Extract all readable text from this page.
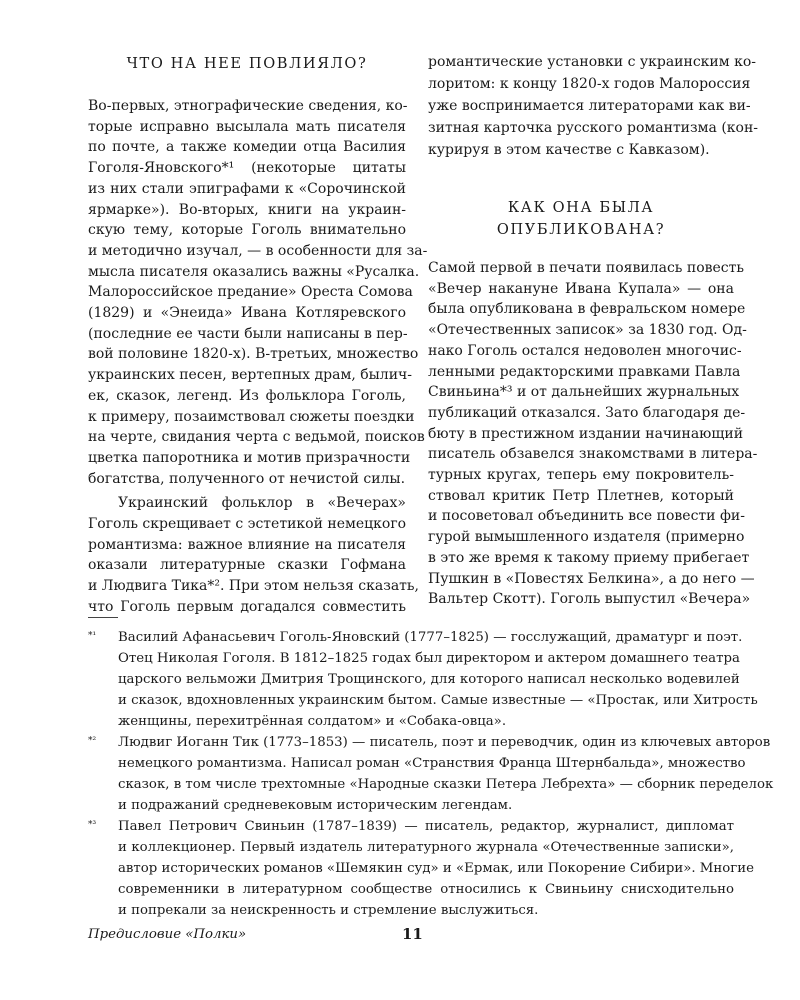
ЧТО НА НЕЕ ПОВЛИЯЛО?
Во-первых, этнографические сведения, ко-
торые исправно высылала мать писателя
по почте, а также комедии отца Василия
Гоголя-Яновского*¹ (некоторые цитаты
из них стали эпиграфами к «Сорочинской
ярмарке»). Во-вторых, книги на украин-
скую тему, которые Гоголь внимательно
и методично изучал, — в особенности для за-
мысла писателя оказались важны «Русалка.
Малороссийское предание» Ореста Сомова
(1829) и «Энеида» Ивана Котляревского
(последние ее части были написаны в пер-
вой половине 1820-х). В-третьих, множество
украинских песен, вертепных драм, былич-
ек, сказок, легенд. Из фольклора Гоголь,
к примеру, позаимствовал сюжеты поездки
на черте, свидания черта с ведьмой, поисков
цветка папоротника и мотив призрачности
богатства, полученного от нечистой силы.
Украинский фольклор в «Вечерах»
Гоголь скрещивает с эстетикой немецкого
романтизма: важное влияние на писателя
оказали литературные сказки Гофмана
и Людвига Тика*². При этом нельзя сказать,
что Гоголь первым догадался совместить
романтические установки с украинским ко-
лоритом: к концу 1820-х годов Малороссия
уже воспринимается литераторами как ви-
зитная карточка русского романтизма (кон-
курируя в этом качестве с Кавказом).
КАК ОНА БЫЛА
ОПУБЛИКОВАНА?
Самой первой в печати появилась повесть
«Вечер накануне Ивана Купала» — она
была опубликована в февральском номере
«Отечественных записок» за 1830 год. Од-
нако Гоголь остался недоволен многочис-
ленными редакторскими правками Павла
Свиньина*³ и от дальнейших журнальных
публикаций отказался. Зато благодаря де-
бюту в престижном издании начинающий
писатель обзавелся знакомствами в литера-
турных кругах, теперь ему покровитель-
ствовал критик Петр Плетнев, который
и посоветовал объединить все повести фи-
гурой вымышленного издателя (примерно
в это же время к такому приему прибегает
Пушкин в «Повестях Белкина», а до него —
Вальтер Скотт). Гоголь выпустил «Вечера»
*¹ Василий Афанасьевич Гоголь-Яновский (1777–1825) — госслужащий, драматург и поэт.
Отец Николая Гоголя. В 1812–1825 годах был директором и актером домашнего театра
царского вельможи Дмитрия Трощинского, для которого написал несколько водевилей
и сказок, вдохновленных украинским бытом. Самые известные — «Простак, или Хитрость
женщины, перехитрённая солдатом» и «Собака-овца».
*² Людвиг Иоганн Тик (1773–1853) — писатель, поэт и переводчик, один из ключевых авторов
немецкого романтизма. Написал роман «Странствия Франца Штернбальда», множество
сказок, в том числе трехтомные «Народные сказки Петера Лебрехта» — сборник переделок
и подражаний средневековым историческим легендам.
*³ Павел Петрович Свиньин (1787–1839) — писатель, редактор, журналист, дипломат
и коллекционер. Первый издатель литературного журнала «Отечественные записки»,
автор исторических романов «Шемякин суд» и «Ермак, или Покорение Сибири». Многие
современники в литературном сообществе относились к Свиньину снисходительно
и попрекали за неискренность и стремление выслужиться.
Предисловие «Полки»	11
